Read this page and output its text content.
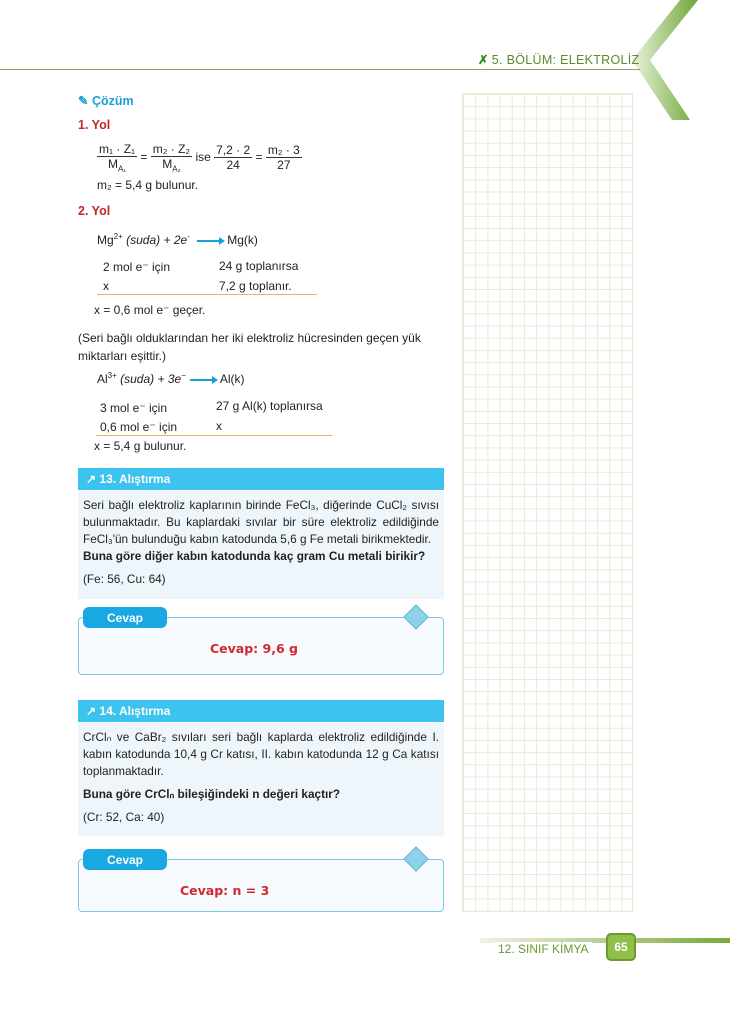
✗ 5. BÖLÜM: ELEKTROLİZ
✎ Çözüm
1. Yol
$\frac{\text{m₁ · Z₁}}{M_{A_1}} = \frac{\text{m₂ · Z₂}}{M_{A_2}}$ ise $\frac{7,2 \cdot 2}{24} = \frac{\text{m₂ · 3}}{27}$
m₂ = 5,4 g bulunur.
2. Yol
$Mg^{2+}$ (suda) + 2e-	Mg(k)
2 mol e⁻ için	24 g toplanırsa
x	7,2 g toplanır.
x = 0,6 mol e⁻ geçer.
(Seri bağlı olduklarından her iki elektroliz hücresinden geçen yük miktarları eşittir.)
$Al^{3+}$ (suda) + 3e−	Al(k)
3 mol e⁻ için	27 g Al(k) toplanırsa
0,6 mol e⁻ için	x
x = 5,4 g bulunur.
↗ 13. Alıştırma
Seri bağlı elektroliz kaplarının birinde FeCl₃, diğerinde CuCl₂ sıvısı bulunmaktadır. Bu kaplardaki sıvılar bir süre elektroliz edildiğinde FeCl₃'ün bulunduğu kabın katodunda 5,6 g Fe metali birikmektedir.
Buna göre diğer kabın katodunda kaç gram Cu metali birikir?
(Fe: 56, Cu: 64)
Cevap
Cevap: 9,6 g
↗ 14. Alıştırma
CrClₙ ve CaBr₂ sıvıları seri bağlı kaplarda elektroliz edildiğinde I. kabın katodunda 10,4 g Cr katısı, II. kabın katodunda 12 g Ca katısı toplanmaktadır.
Buna göre CrClₙ bileşiğindeki n değeri kaçtır?
(Cr: 52, Ca: 40)
Cevap
Cevap: n = 3
12. SINIF KİMYA	65
